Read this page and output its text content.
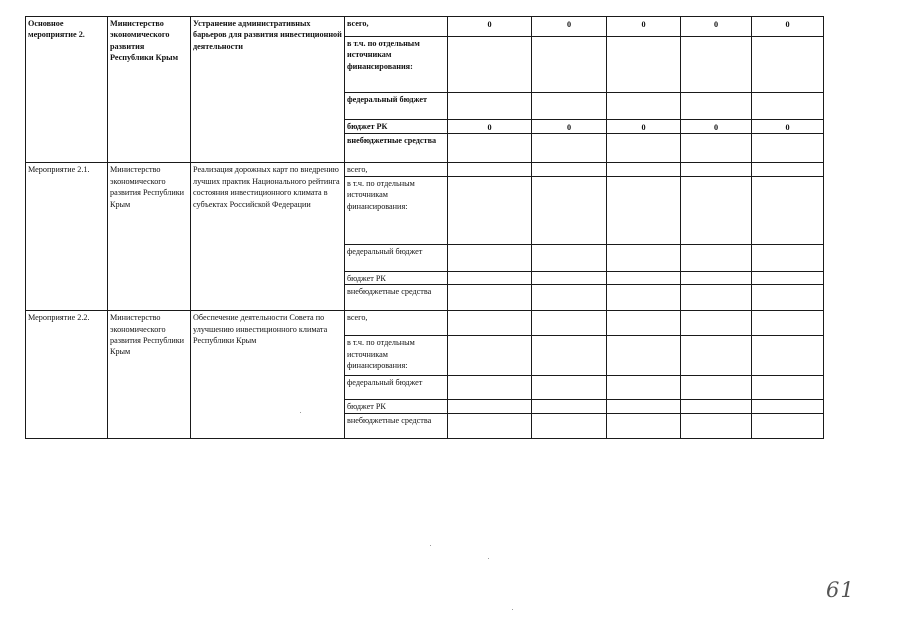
Основное мероприятие 2.	Министерство экономического развития Республики Крым	Устранение административных барьеров для развития инвестиционной деятельности	всего,	0	0	0	0	0
			в т.ч. по отдельным источникам финансирования:					
			федеральный бюджет					
			бюджет РК	0	0	0	0	0
			внебюджетные средства					
Мероприятие 2.1.	Министерство экономического развития Республики Крым	Реализация дорожных карт по внедрению лучших практик Национального рейтинга состояния инвестиционного климата в субъектах Российской Федерации	всего,					
			в т.ч. по отдельным источникам финансирования:					
			федеральный бюджет					
			бюджет РК					
			внебюджетные средства					
Мероприятие 2.2.	Министерство экономического развития Республики Крым	Обеспечение деятельности Совета по улучшению инвестиционного климата Республики Крым	всего,					
			в т.ч. по отдельным источникам финансирования:					
			федеральный бюджет					
			бюджет РК					
			внебюджетные средства					
61
